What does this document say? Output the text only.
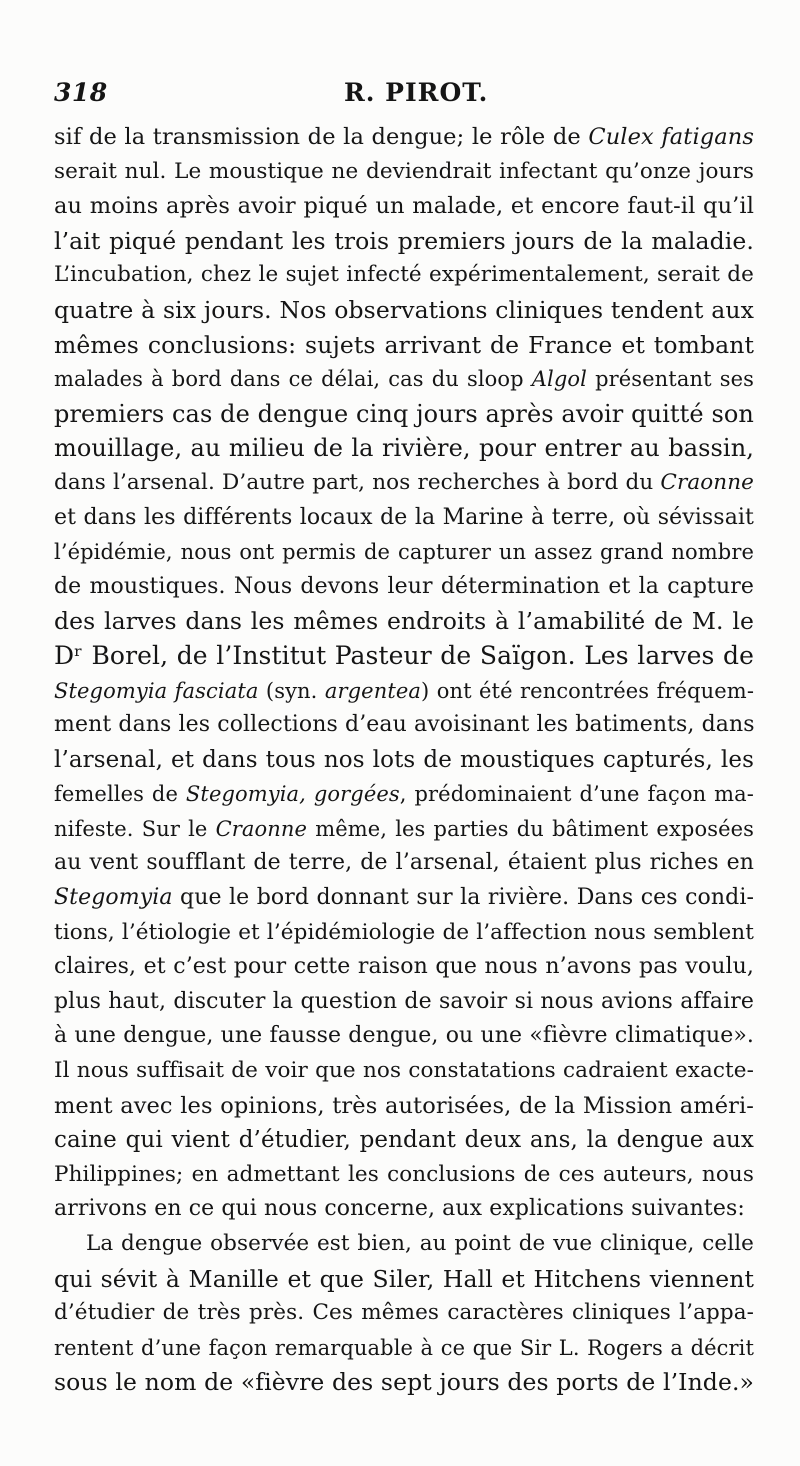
318	R. PIROT.
sif de la transmission de la dengue; le rôle de Culex fatigans
serait nul. Le moustique ne deviendrait infectant qu’onze jours
au moins après avoir piqué un malade, et encore faut-il qu’il
l’ait piqué pendant les trois premiers jours de la maladie.
L’incubation, chez le sujet infecté expérimentalement, serait de
quatre à six jours. Nos observations cliniques tendent aux
mêmes conclusions: sujets arrivant de France et tombant
malades à bord dans ce délai, cas du sloop Algol présentant ses
premiers cas de dengue cinq jours après avoir quitté son
mouillage, au milieu de la rivière, pour entrer au bassin,
dans l’arsenal. D’autre part, nos recherches à bord du Craonne
et dans les différents locaux de la Marine à terre, où sévissait
l’épidémie, nous ont permis de capturer un assez grand nombre
de moustiques. Nous devons leur détermination et la capture
des larves dans les mêmes endroits à l’amabilité de M. le
Dʳ Borel, de l’Institut Pasteur de Saïgon. Les larves de
Stegomyia fasciata (syn. argentea) ont été rencontrées fréquem-
ment dans les collections d’eau avoisinant les batiments, dans
l’arsenal, et dans tous nos lots de moustiques capturés, les
femelles de Stegomyia, gorgées, prédominaient d’une façon ma-
nifeste. Sur le Craonne même, les parties du bâtiment exposées
au vent soufflant de terre, de l’arsenal, étaient plus riches en
Stegomyia que le bord donnant sur la rivière. Dans ces condi-
tions, l’étiologie et l’épidémiologie de l’affection nous semblent
claires, et c’est pour cette raison que nous n’avons pas voulu,
plus haut, discuter la question de savoir si nous avions affaire
à une dengue, une fausse dengue, ou une «fièvre climatique».
Il nous suffisait de voir que nos constatations cadraient exacte-
ment avec les opinions, très autorisées, de la Mission améri-
caine qui vient d’étudier, pendant deux ans, la dengue aux
Philippines; en admettant les conclusions de ces auteurs, nous
arrivons en ce qui nous concerne, aux explications suivantes:
La dengue observée est bien, au point de vue clinique, celle
qui sévit à Manille et que Siler, Hall et Hitchens viennent
d’étudier de très près. Ces mêmes caractères cliniques l’appa-
rentent d’une façon remarquable à ce que Sir L. Rogers a décrit
sous le nom de «fièvre des sept jours des ports de l’Inde.»
